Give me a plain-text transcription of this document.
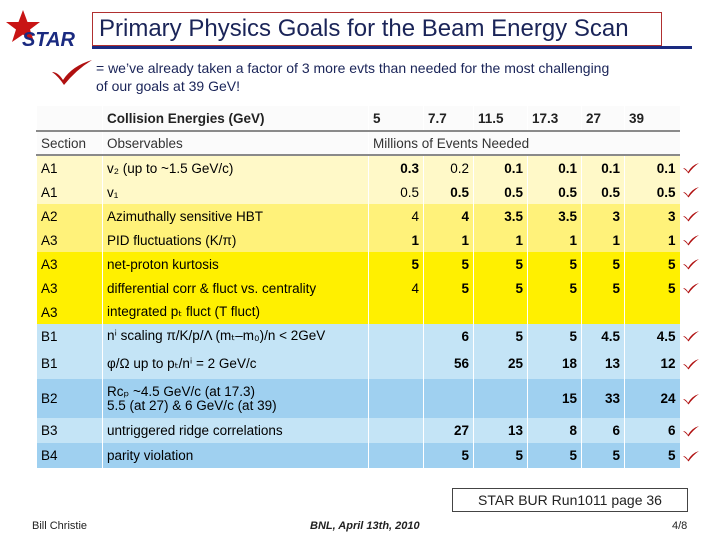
STAR Primary Physics Goals for the Beam Energy Scan
= we’ve already taken a factor of 3 more evts than needed for the most challenging
of our goals at 39 GeV!
	Collision Energies (GeV)	5	7.7	11.5	17.3	27	39
Section	Observables	Millions of Events Needed					
A1	v₂ (up to ~1.5 GeV/c)	0.3	0.2	0.1	0.1	0.1	0.1
A1	v₁	0.5	0.5	0.5	0.5	0.5	0.5
A2	Azimuthally sensitive HBT	4	4	3.5	3.5	3	3
A3	PID fluctuations (K/π)	1	1	1	1	1	1
A3	net-proton kurtosis	5	5	5	5	5	5
A3	differential corr & fluct vs. centrality	4	5	5	5	5	5
A3	integrated pₜ fluct (T fluct)						
B1	nⁱ scaling π/K/p/Λ (mₜ–m₀)/n < 2GeV		6	5	5	4.5	4.5
B1	φ/Ω up to pₜ/nⁱ = 2 GeV/c		56	25	18	13	12
B2	Rᴄₚ ~4.5 GeV/c (at 17.3)
5.5 (at 27) & 6 GeV/c (at 39)				15	33	24
B3	untriggered ridge correlations		27	13	8	6	6
B4	parity violation		5	5	5	5	5
STAR BUR Run1011 page 36
Bill Christie	BNL, April 13th, 2010	4/8
